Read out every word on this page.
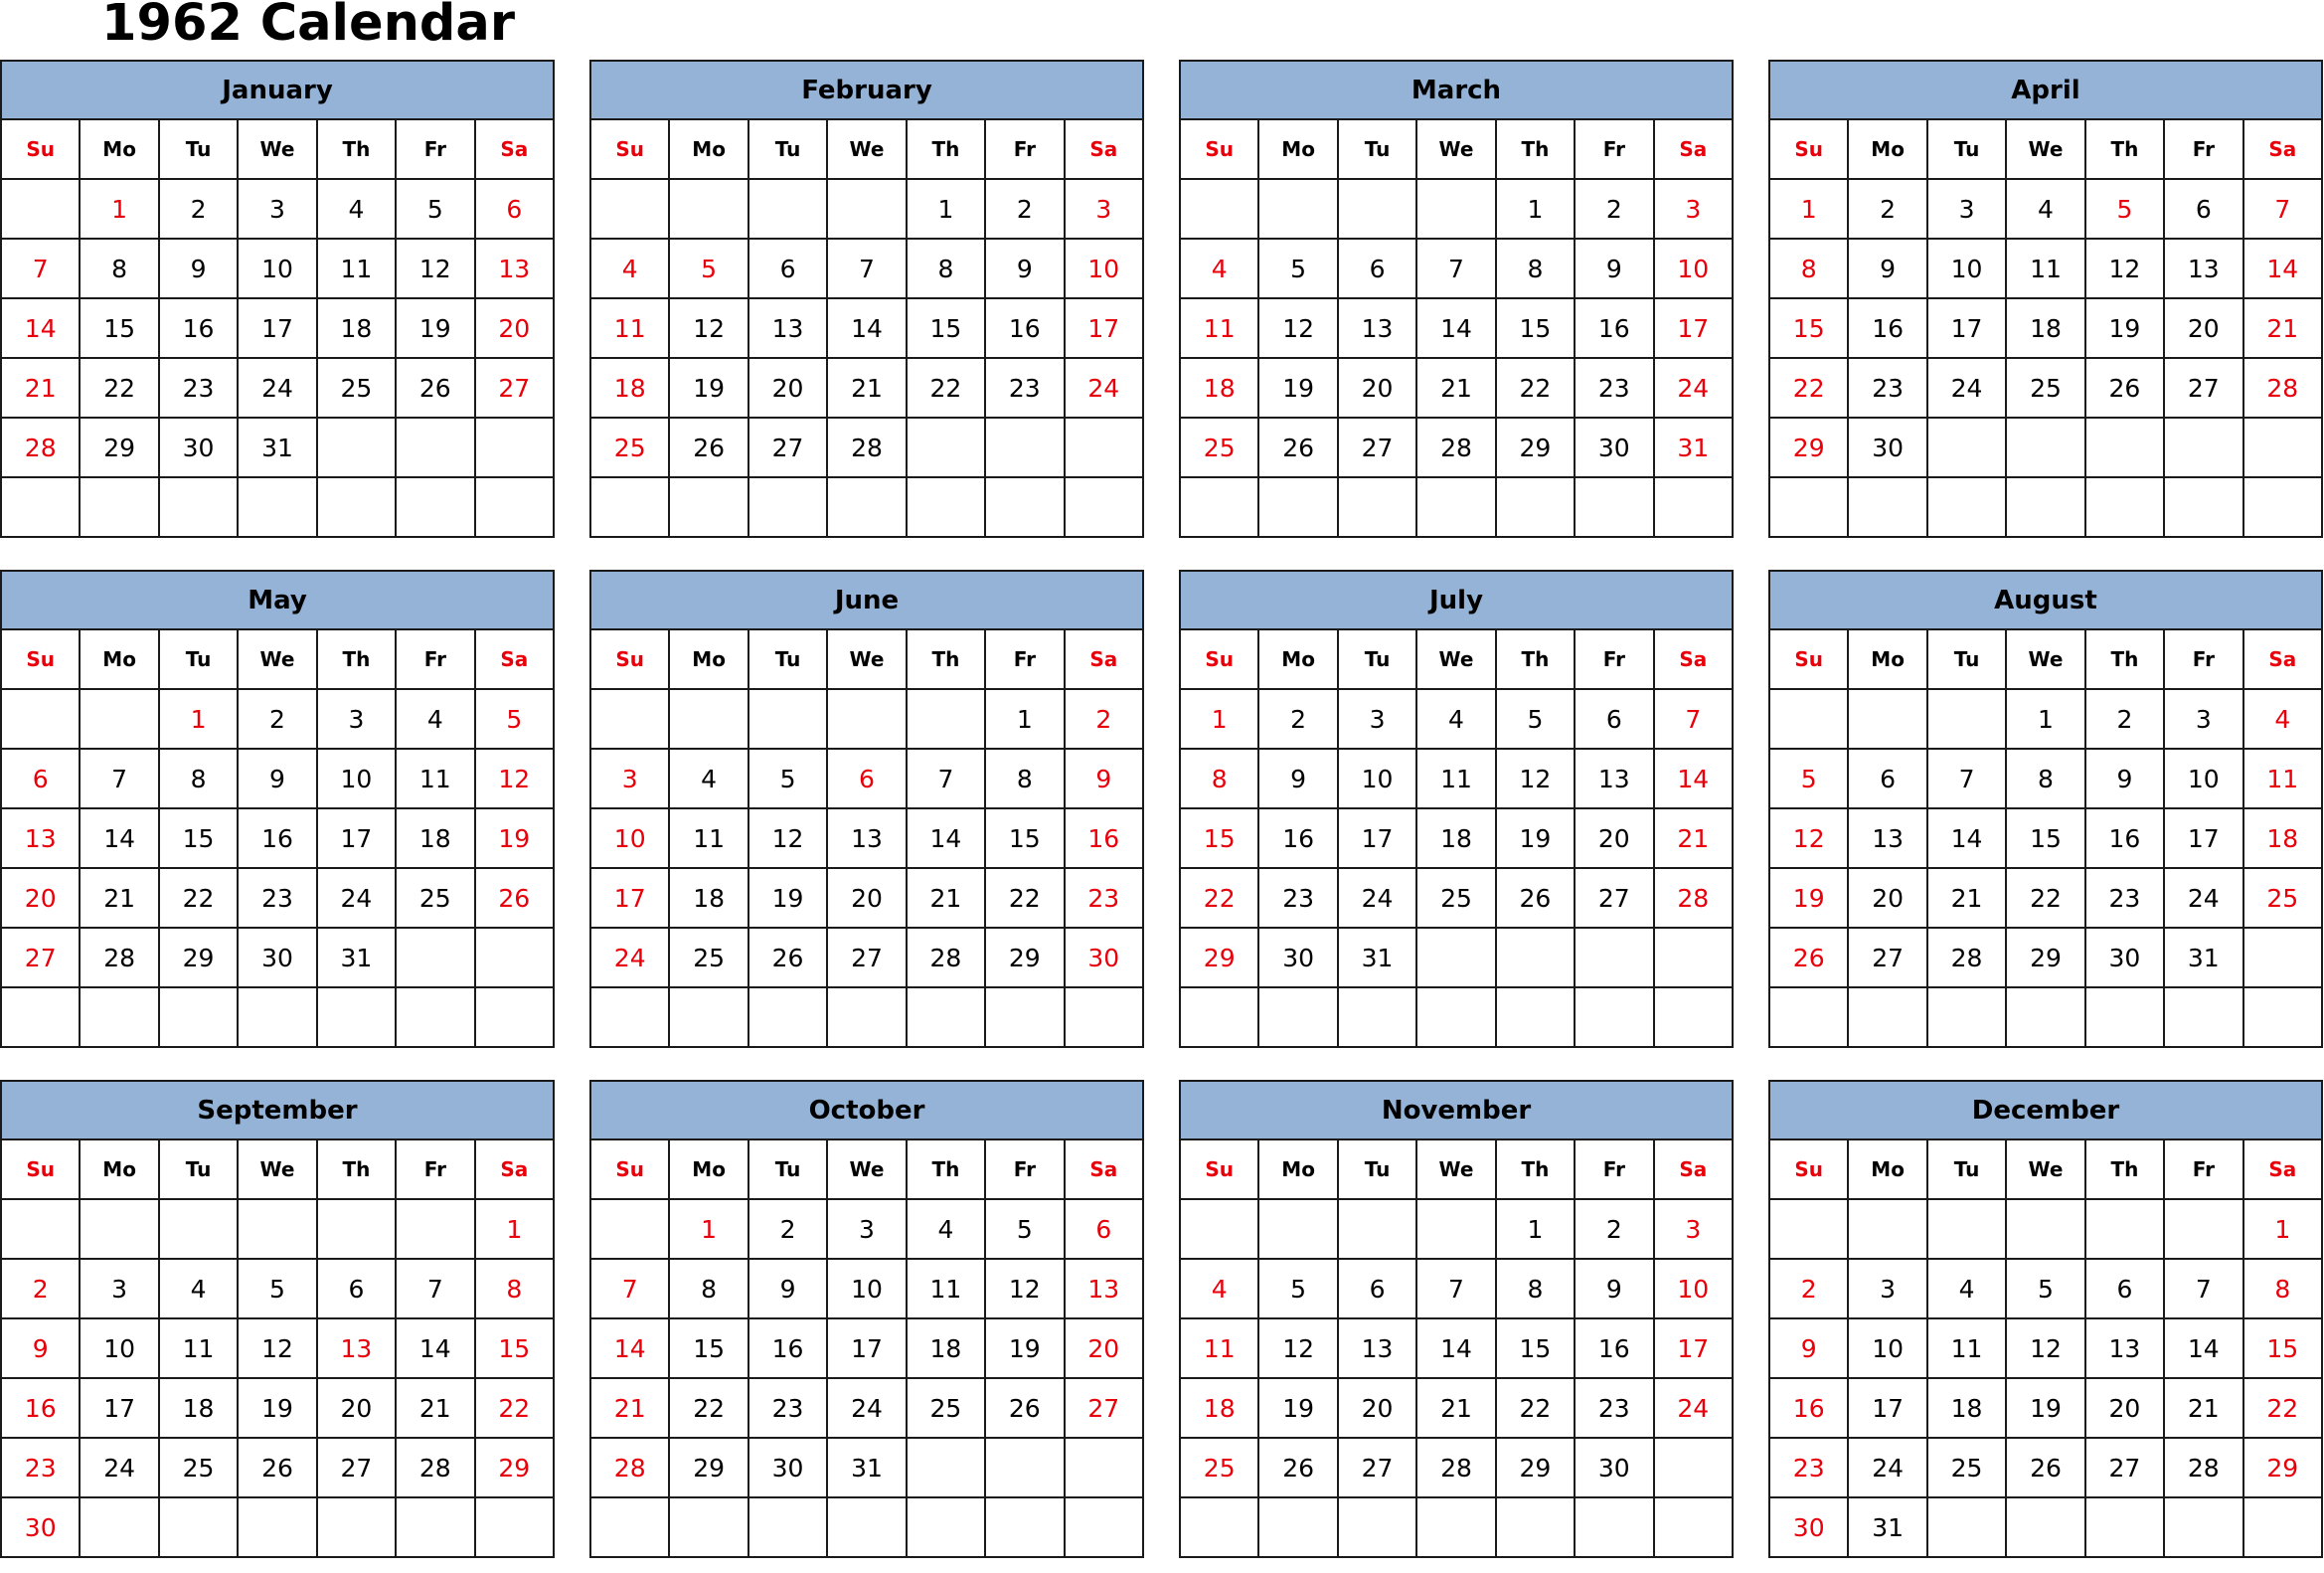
1962 Calendar
January						
Su	Mo	Tu	We	Th	Fr	Sa
	1	2	3	4	5	6
7	8	9	10	11	12	13
14	15	16	17	18	19	20
21	22	23	24	25	26	27
28	29	30	31			

February						
Su	Mo	Tu	We	Th	Fr	Sa
				1	2	3
4	5	6	7	8	9	10
11	12	13	14	15	16	17
18	19	20	21	22	23	24
25	26	27	28			

March						
Su	Mo	Tu	We	Th	Fr	Sa
				1	2	3
4	5	6	7	8	9	10
11	12	13	14	15	16	17
18	19	20	21	22	23	24
25	26	27	28	29	30	31

April						
Su	Mo	Tu	We	Th	Fr	Sa
1	2	3	4	5	6	7
8	9	10	11	12	13	14
15	16	17	18	19	20	21
22	23	24	25	26	27	28
29	30					

May						
Su	Mo	Tu	We	Th	Fr	Sa
		1	2	3	4	5
6	7	8	9	10	11	12
13	14	15	16	17	18	19
20	21	22	23	24	25	26
27	28	29	30	31		

June						
Su	Mo	Tu	We	Th	Fr	Sa
					1	2
3	4	5	6	7	8	9
10	11	12	13	14	15	16
17	18	19	20	21	22	23
24	25	26	27	28	29	30

July						
Su	Mo	Tu	We	Th	Fr	Sa
1	2	3	4	5	6	7
8	9	10	11	12	13	14
15	16	17	18	19	20	21
22	23	24	25	26	27	28
29	30	31				

August						
Su	Mo	Tu	We	Th	Fr	Sa
			1	2	3	4
5	6	7	8	9	10	11
12	13	14	15	16	17	18
19	20	21	22	23	24	25
26	27	28	29	30	31	

September						
Su	Mo	Tu	We	Th	Fr	Sa
						1
2	3	4	5	6	7	8
9	10	11	12	13	14	15
16	17	18	19	20	21	22
23	24	25	26	27	28	29
30						
October						
Su	Mo	Tu	We	Th	Fr	Sa
	1	2	3	4	5	6
7	8	9	10	11	12	13
14	15	16	17	18	19	20
21	22	23	24	25	26	27
28	29	30	31			

November						
Su	Mo	Tu	We	Th	Fr	Sa
				1	2	3
4	5	6	7	8	9	10
11	12	13	14	15	16	17
18	19	20	21	22	23	24
25	26	27	28	29	30	

December						
Su	Mo	Tu	We	Th	Fr	Sa
						1
2	3	4	5	6	7	8
9	10	11	12	13	14	15
16	17	18	19	20	21	22
23	24	25	26	27	28	29
30	31					
